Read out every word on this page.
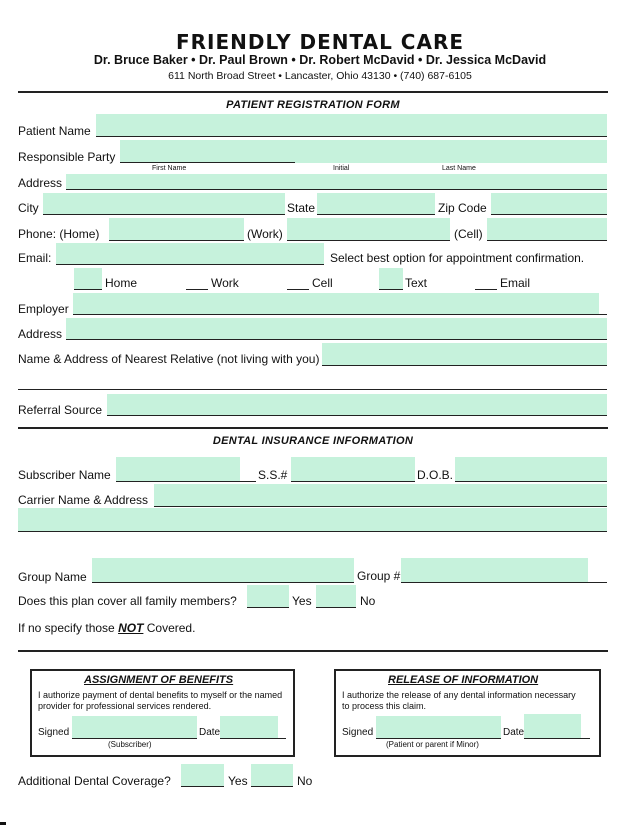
FRIENDLY DENTAL CARE
Dr. Bruce Baker • Dr. Paul Brown • Dr. Robert McDavid • Dr. Jessica McDavid
611 North Broad Street • Lancaster, Ohio 43130 • (740) 687-6105
PATIENT REGISTRATION FORM
Patient Name
Responsible Party
First Name	Initial	Last Name
Address
City	State	Zip Code
Phone: (Home)	(Work)	(Cell)
Email:	Select best option for appointment confirmation.
Home	Work	Cell	Text	Email
Employer
Address
Name & Address of Nearest Relative (not living with you)
Referral Source
DENTAL INSURANCE INFORMATION
Subscriber Name	S.S.#	D.O.B.
Carrier Name & Address
Group Name	Group #
Does this plan cover all family members?	Yes	No
If no specify those NOT Covered.
ASSIGNMENT OF BENEFITS
I authorize payment of dental benefits to myself or the named provider for professional services rendered.
Signed
(Subscriber)
Date
RELEASE OF INFORMATION
I authorize the release of any dental information necessary to process this claim.
Signed
(Patient or parent if Minor)
Date
Additional Dental Coverage?	Yes	No
